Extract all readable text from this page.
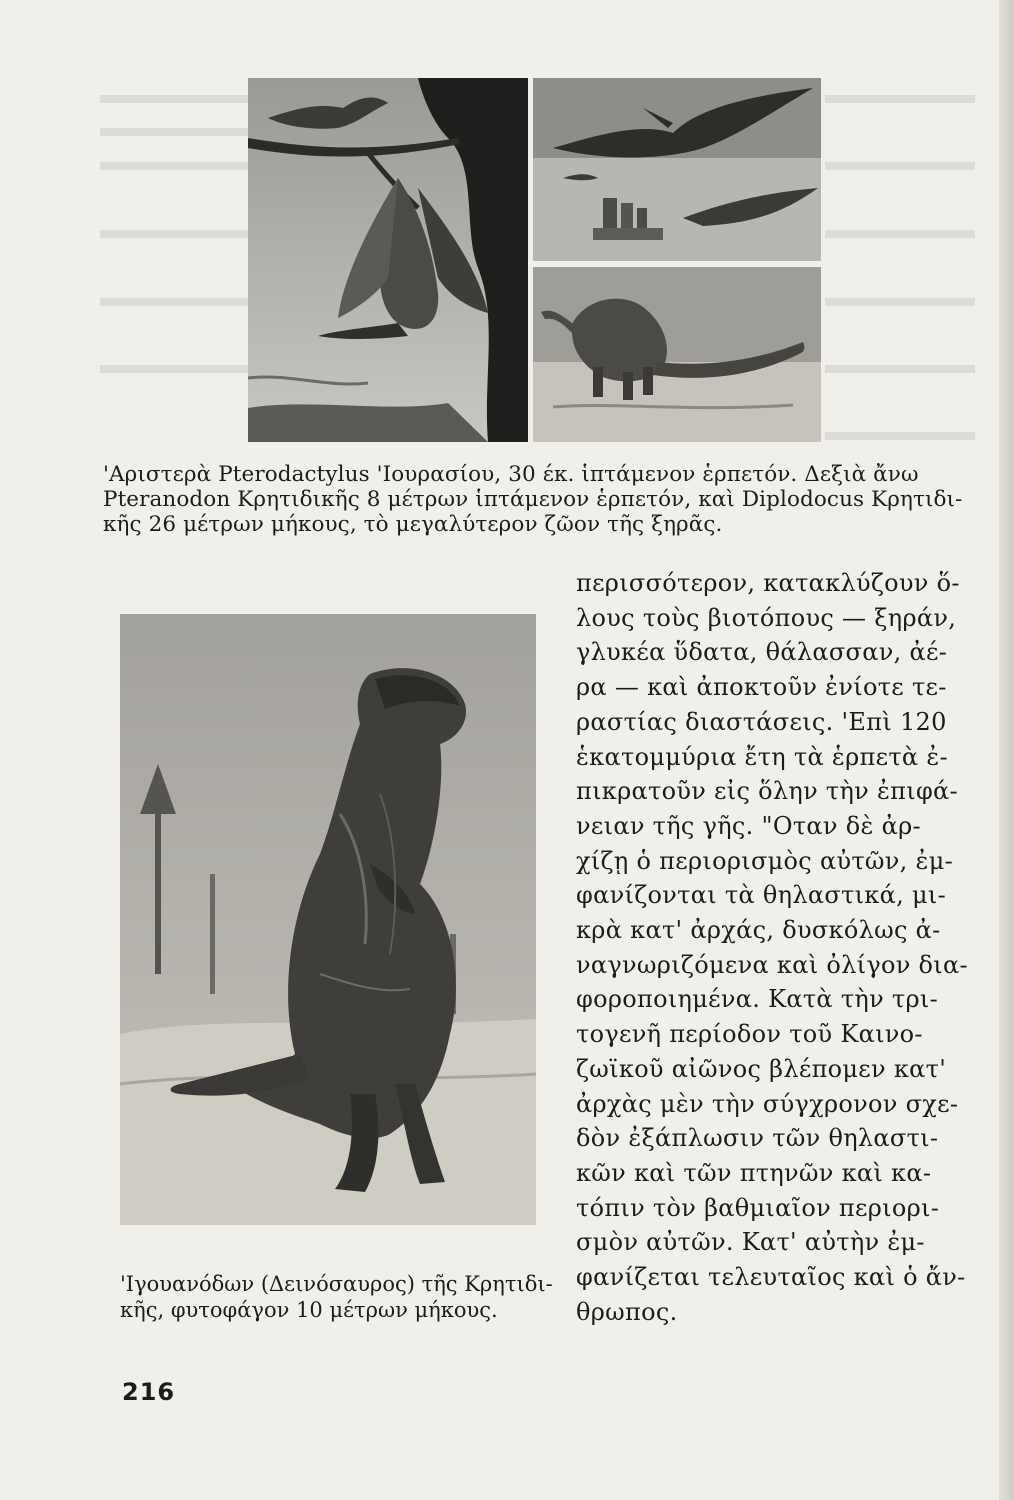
'Αριστερὰ Pterodactylus 'Ιουρασίου, 30 έκ. ἱπτάμενον ἑρπετόν. Δεξιὰ ἄνω
Pteranodon Κρητιδικῆς 8 μέτρων ἱπτάμενον ἑρπετόν, καὶ Diplodocus Κρητιδι-
κῆς 26 μέτρων μήκους, τὸ μεγαλύτερον ζῶον τῆς ξηρᾶς.
περισσότερον, κατακλύζουν ὅ-
λους τοὺς βιοτόπους — ξηράν,
γλυκέα ὕδατα, θάλασσαν, ἀέ-
ρα — καὶ ἀποκτοῦν ἐνίοτε τε-
ραστίας διαστάσεις. 'Επὶ 120
ἑκατομμύρια ἔτη τὰ ἑρπετὰ ἐ-
πικρατοῦν εἰς ὅλην τὴν ἐπιφά-
νειαν τῆς γῆς. "Οταν δὲ ἀρ-
χίζῃ ὁ περιορισμὸς αὐτῶν, ἐμ-
φανίζονται τὰ θηλαστικά, μι-
κρὰ κατ' ἀρχάς, δυσκόλως ἀ-
ναγνωριζόμενα καὶ ὀλίγον δια-
φοροποιημένα. Κατὰ τὴν τρι-
τογενῆ περίοδον τοῦ Καινο-
ζωϊκοῦ αἰῶνος βλέπομεν κατ'
ἀρχὰς μὲν τὴν σύγχρονον σχε-
δὸν ἐξάπλωσιν τῶν θηλαστι-
κῶν καὶ τῶν πτηνῶν καὶ κα-
τόπιν τὸν βαθμιαῖον περιορι-
σμὸν αὐτῶν. Κατ' αὐτὴν ἐμ-
φανίζεται τελευταῖος καὶ ὁ ἄν-
θρωπος.
'Ιγουανόδων (Δεινόσαυρος) τῆς Κρητιδι-
κῆς, φυτοφάγον 10 μέτρων μήκους.
216
